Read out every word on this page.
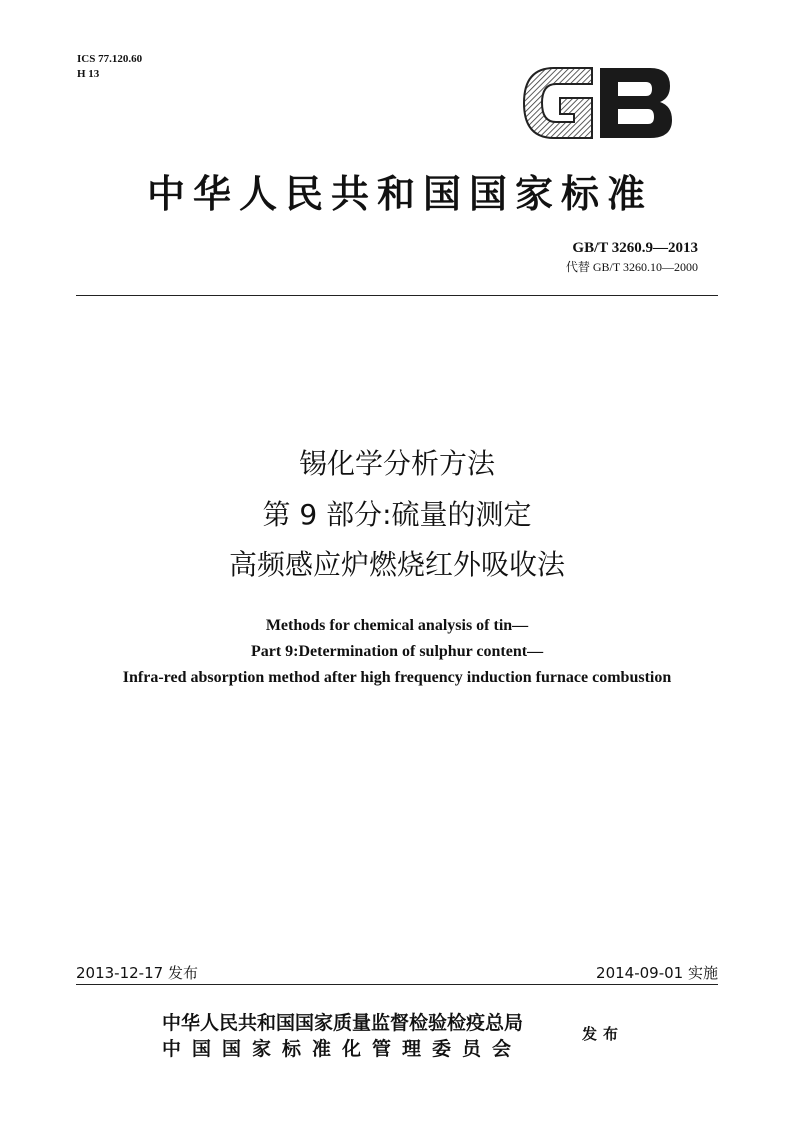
ICS 77.120.60
H 13
中华人民共和国国家标准
GB/T 3260.9—2013
代替 GB/T 3260.10—2000
锡化学分析方法
第 9 部分:硫量的测定
高频感应炉燃烧红外吸收法
Methods for chemical analysis of tin—
Part 9:Determination of sulphur content—
Infra-red absorption method after high frequency induction furnace combustion
2013-12-17 发布	2014-09-01 实施
中华人民共和国国家质量监督检验检疫总局
中国国家标准化管理委员会
发布
